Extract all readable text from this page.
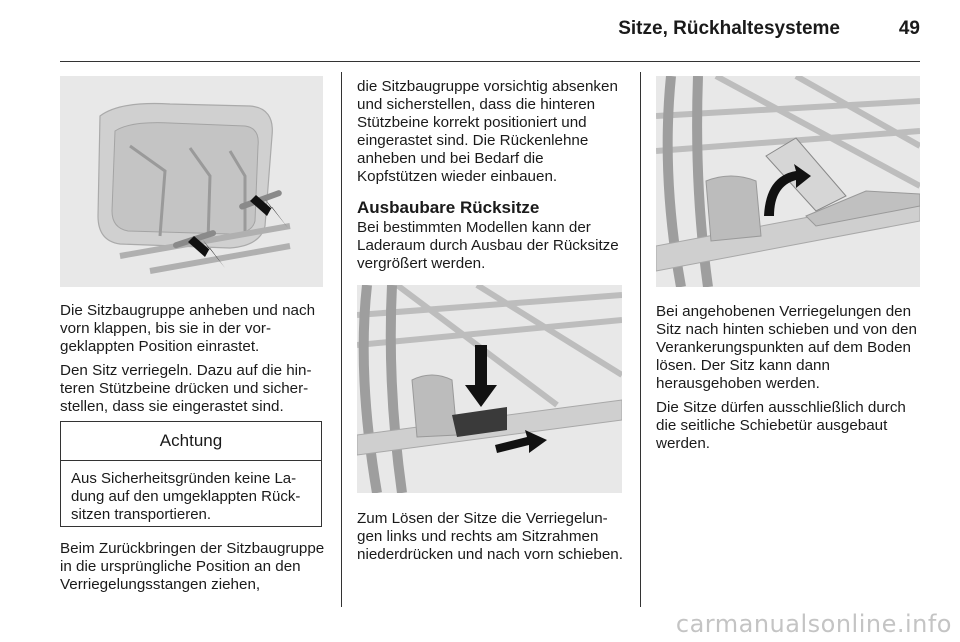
Sitze, Rückhaltesysteme	49

Die Sitzbaugruppe anheben und nach vorn klappen, bis sie in der vorgeklappten Position einrastet.

Den Sitz verriegeln. Dazu auf die hinteren Stützbeine drücken und sicherstellen, dass sie eingerastet sind.

Achtung
Aus Sicherheitsgründen keine Ladung auf den umgeklappten Rücksitzen transportieren.

Beim Zurückbringen der Sitzbaugruppe in die ursprüngliche Position an den Verriegelungsstangen ziehen,

die Sitzbaugruppe vorsichtig absenken und sicherstellen, dass die hinteren Stützbeine korrekt positioniert und eingerastet sind. Die Rückenlehne anheben und bei Bedarf die Kopfstützen wieder einbauen.

Ausbaubare Rücksitze

Bei bestimmten Modellen kann der Laderaum durch Ausbau der Rücksitze vergrößert werden.

Zum Lösen der Sitze die Verriegelungen links und rechts am Sitzrahmen niederdrücken und nach vorn schieben.

Bei angehobenen Verriegelungen den Sitz nach hinten schieben und von den Verankerungspunkten auf dem Boden lösen. Der Sitz kann dann herausgehoben werden.

Die Sitze dürfen ausschließlich durch die seitliche Schiebetür ausgebaut werden.

carmanualsonline.info
